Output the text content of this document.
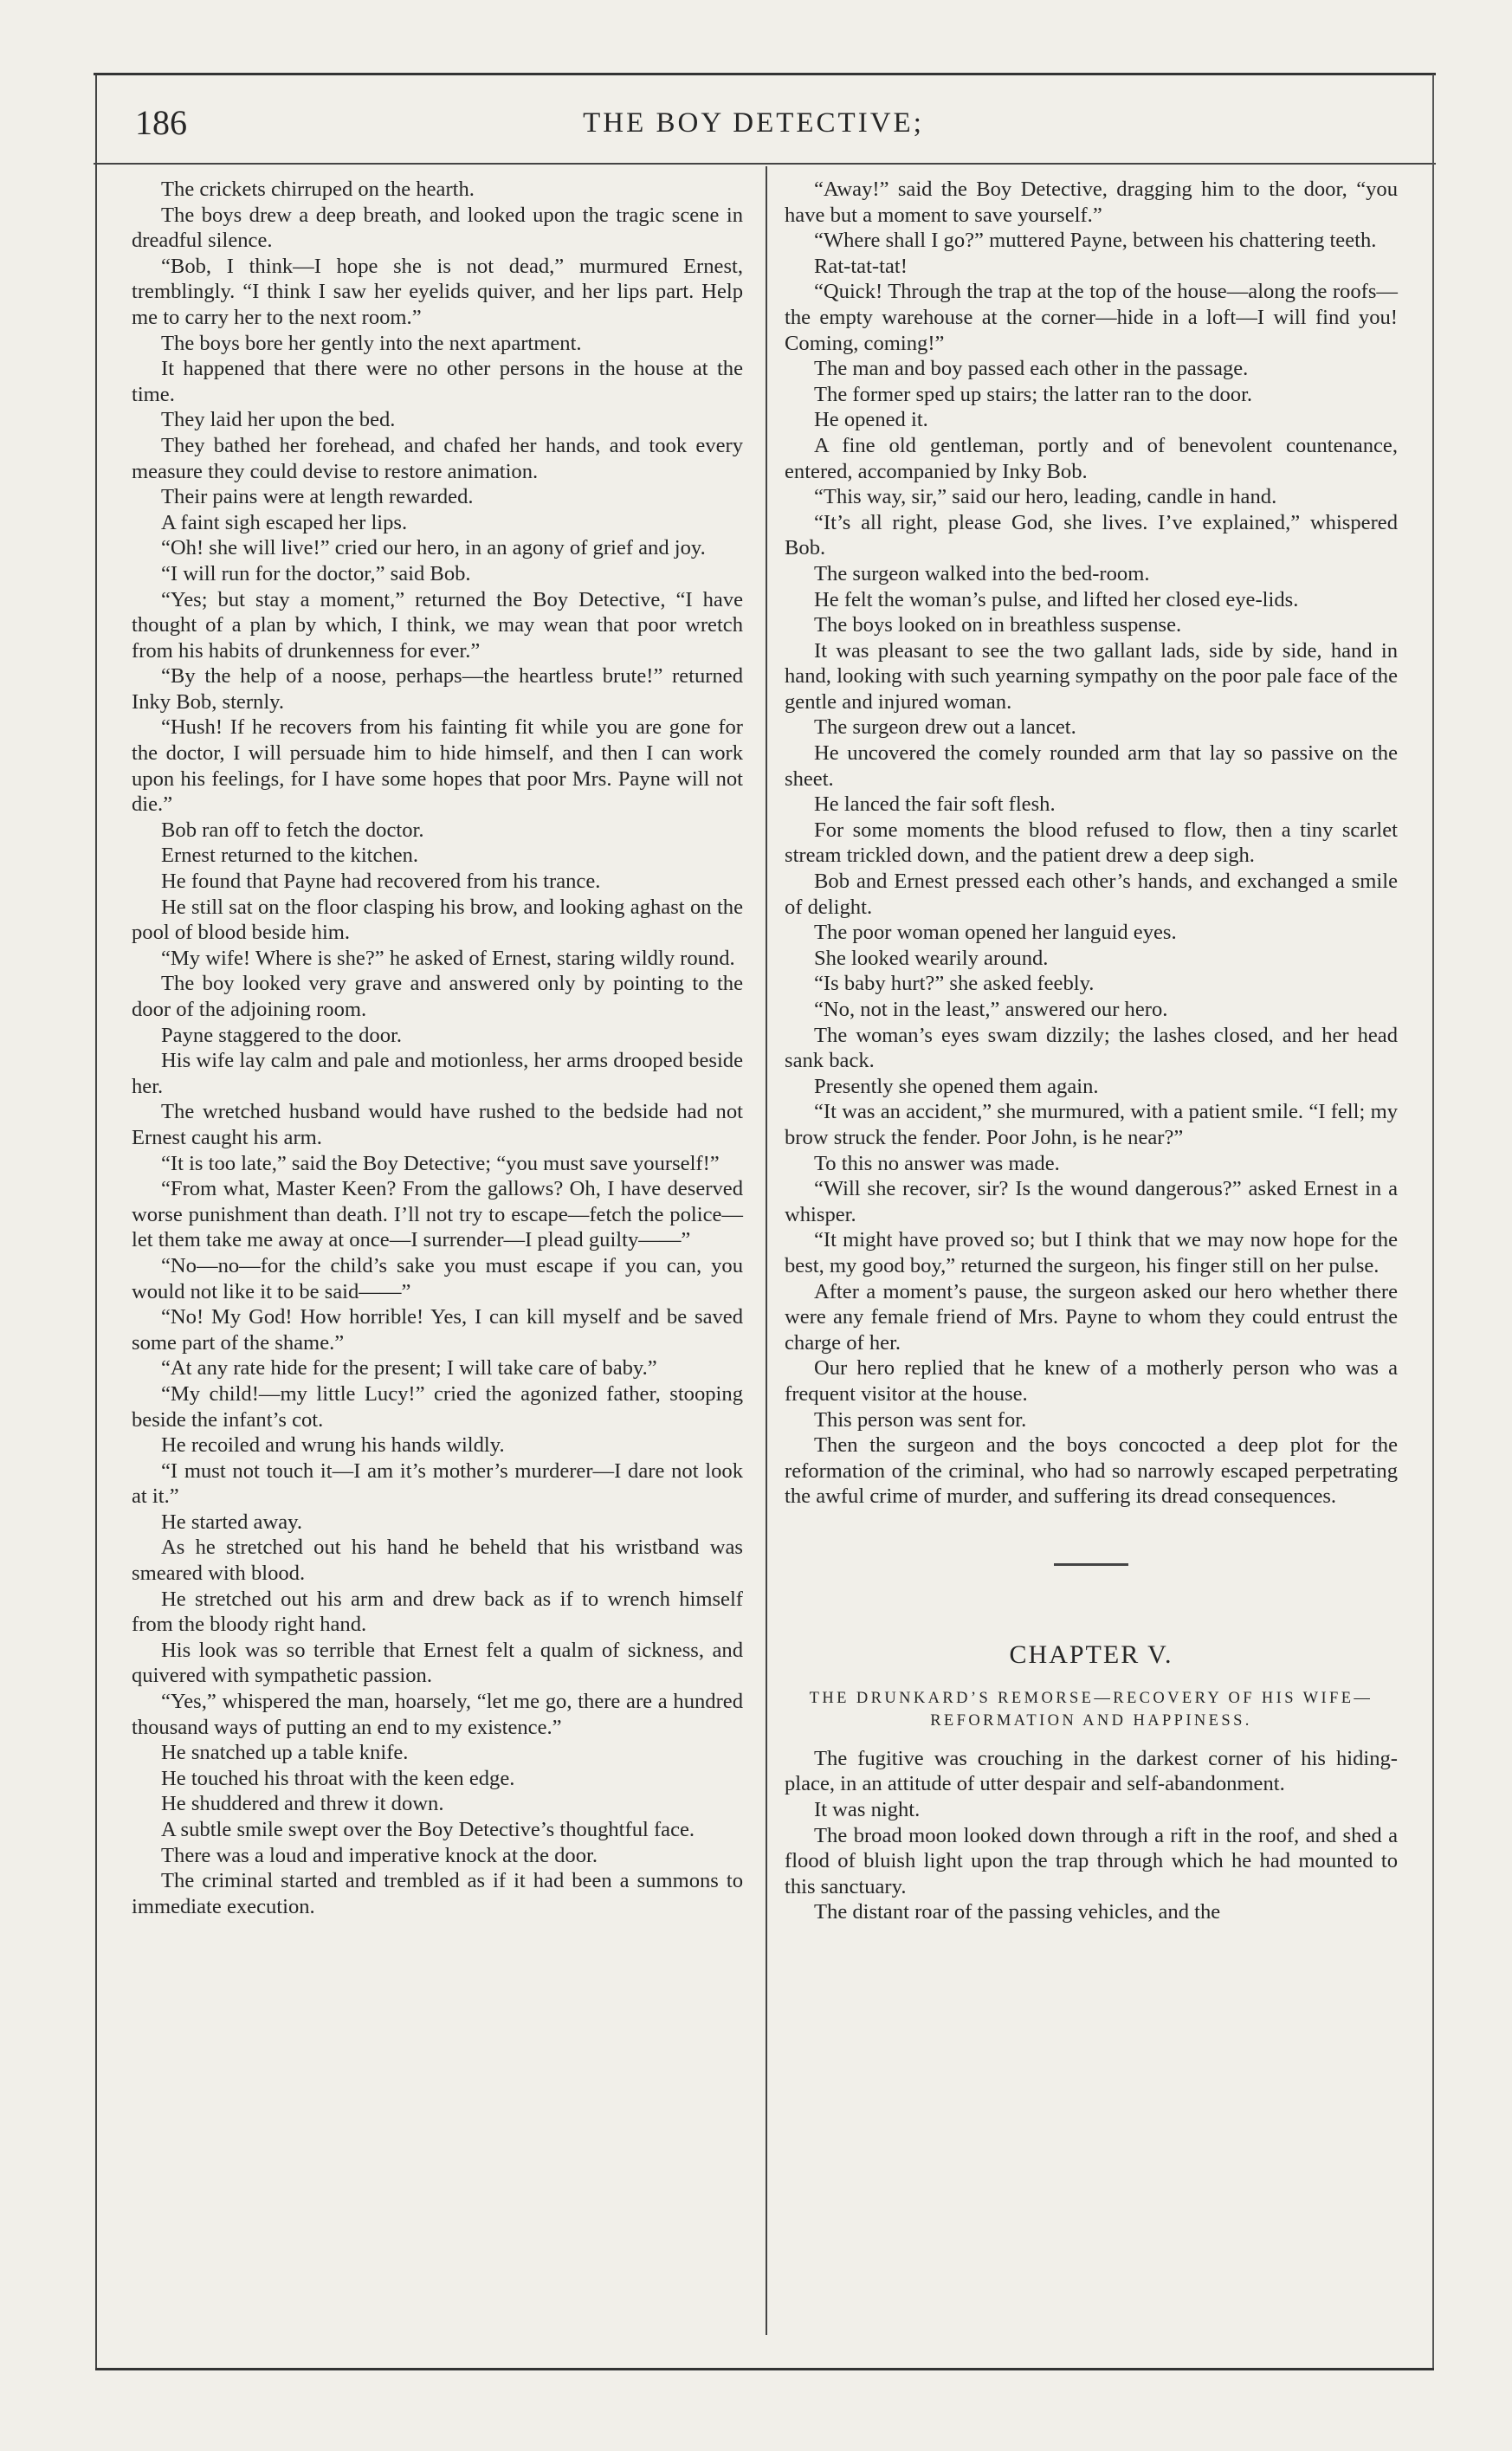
186	THE BOY DETECTIVE;

The crickets chirruped on the hearth.

The boys drew a deep breath, and looked upon the tragic scene in dreadful silence.

“Bob, I think—I hope she is not dead,” murmured Ernest, tremblingly. “I think I saw her eyelids quiver, and her lips part. Help me to carry her to the next room.”

The boys bore her gently into the next apartment.

It happened that there were no other persons in the house at the time.

They laid her upon the bed.

They bathed her forehead, and chafed her hands, and took every measure they could devise to restore animation.

Their pains were at length rewarded.

A faint sigh escaped her lips.

“Oh! she will live!” cried our hero, in an agony of grief and joy.

“I will run for the doctor,” said Bob.

“Yes; but stay a moment,” returned the Boy Detective, “I have thought of a plan by which, I think, we may wean that poor wretch from his habits of drunkenness for ever.”

“By the help of a noose, perhaps—the heartless brute!” returned Inky Bob, sternly.

“Hush! If he recovers from his fainting fit while you are gone for the doctor, I will persuade him to hide himself, and then I can work upon his feelings, for I have some hopes that poor Mrs. Payne will not die.”

Bob ran off to fetch the doctor.

Ernest returned to the kitchen.

He found that Payne had recovered from his trance.

He still sat on the floor clasping his brow, and looking aghast on the pool of blood beside him.

“My wife! Where is she?” he asked of Ernest, staring wildly round.

The boy looked very grave and answered only by pointing to the door of the adjoining room.

Payne staggered to the door.

His wife lay calm and pale and motionless, her arms drooped beside her.

The wretched husband would have rushed to the bedside had not Ernest caught his arm.

“It is too late,” said the Boy Detective; “you must save yourself!”

“From what, Master Keen? From the gallows? Oh, I have deserved worse punishment than death. I’ll not try to escape—fetch the police—let them take me away at once—I surrender—I plead guilty——”

“No—no—for the child’s sake you must escape if you can, you would not like it to be said——”

“No! My God! How horrible! Yes, I can kill myself and be saved some part of the shame.”

“At any rate hide for the present; I will take care of baby.”

“My child!—my little Lucy!” cried the agonized father, stooping beside the infant’s cot.

He recoiled and wrung his hands wildly.

“I must not touch it—I am it’s mother’s murderer—I dare not look at it.”

He started away.

As he stretched out his hand he beheld that his wristband was smeared with blood.

He stretched out his arm and drew back as if to wrench himself from the bloody right hand.

His look was so terrible that Ernest felt a qualm of sickness, and quivered with sympathetic passion.

“Yes,” whispered the man, hoarsely, “let me go, there are a hundred thousand ways of putting an end to my existence.”

He snatched up a table knife.

He touched his throat with the keen edge.

He shuddered and threw it down.

A subtle smile swept over the Boy Detective’s thoughtful face.

There was a loud and imperative knock at the door.

The criminal started and trembled as if it had been a summons to immediate execution.

“Away!” said the Boy Detective, dragging him to the door, “you have but a moment to save yourself.”

“Where shall I go?” muttered Payne, between his chattering teeth.

Rat-tat-tat!

“Quick! Through the trap at the top of the house—along the roofs—the empty warehouse at the corner—hide in a loft—I will find you! Coming, coming!”

The man and boy passed each other in the passage.

The former sped up stairs; the latter ran to the door.

He opened it.

A fine old gentleman, portly and of benevolent countenance, entered, accompanied by Inky Bob.

“This way, sir,” said our hero, leading, candle in hand.

“It’s all right, please God, she lives. I’ve explained,” whispered Bob.

The surgeon walked into the bed-room.

He felt the woman’s pulse, and lifted her closed eye-lids.

The boys looked on in breathless suspense.

It was pleasant to see the two gallant lads, side by side, hand in hand, looking with such yearning sympathy on the poor pale face of the gentle and injured woman.

The surgeon drew out a lancet.

He uncovered the comely rounded arm that lay so passive on the sheet.

He lanced the fair soft flesh.

For some moments the blood refused to flow, then a tiny scarlet stream trickled down, and the patient drew a deep sigh.

Bob and Ernest pressed each other’s hands, and exchanged a smile of delight.

The poor woman opened her languid eyes.

She looked wearily around.

“Is baby hurt?” she asked feebly.

“No, not in the least,” answered our hero.

The woman’s eyes swam dizzily; the lashes closed, and her head sank back.

Presently she opened them again.

“It was an accident,” she murmured, with a patient smile. “I fell; my brow struck the fender. Poor John, is he near?”

To this no answer was made.

“Will she recover, sir? Is the wound dangerous?” asked Ernest in a whisper.

“It might have proved so; but I think that we may now hope for the best, my good boy,” returned the surgeon, his finger still on her pulse.

After a moment’s pause, the surgeon asked our hero whether there were any female friend of Mrs. Payne to whom they could entrust the charge of her.

Our hero replied that he knew of a motherly person who was a frequent visitor at the house.

This person was sent for.

Then the surgeon and the boys concocted a deep plot for the reformation of the criminal, who had so narrowly escaped perpetrating the awful crime of murder, and suffering its dread consequences.

CHAPTER V.
THE DRUNKARD’S REMORSE—RECOVERY OF HIS WIFE—REFORMATION AND HAPPINESS.

The fugitive was crouching in the darkest corner of his hiding-place, in an attitude of utter despair and self-abandonment.

It was night.

The broad moon looked down through a rift in the roof, and shed a flood of bluish light upon the trap through which he had mounted to this sanctuary.

The distant roar of the passing vehicles, and the
